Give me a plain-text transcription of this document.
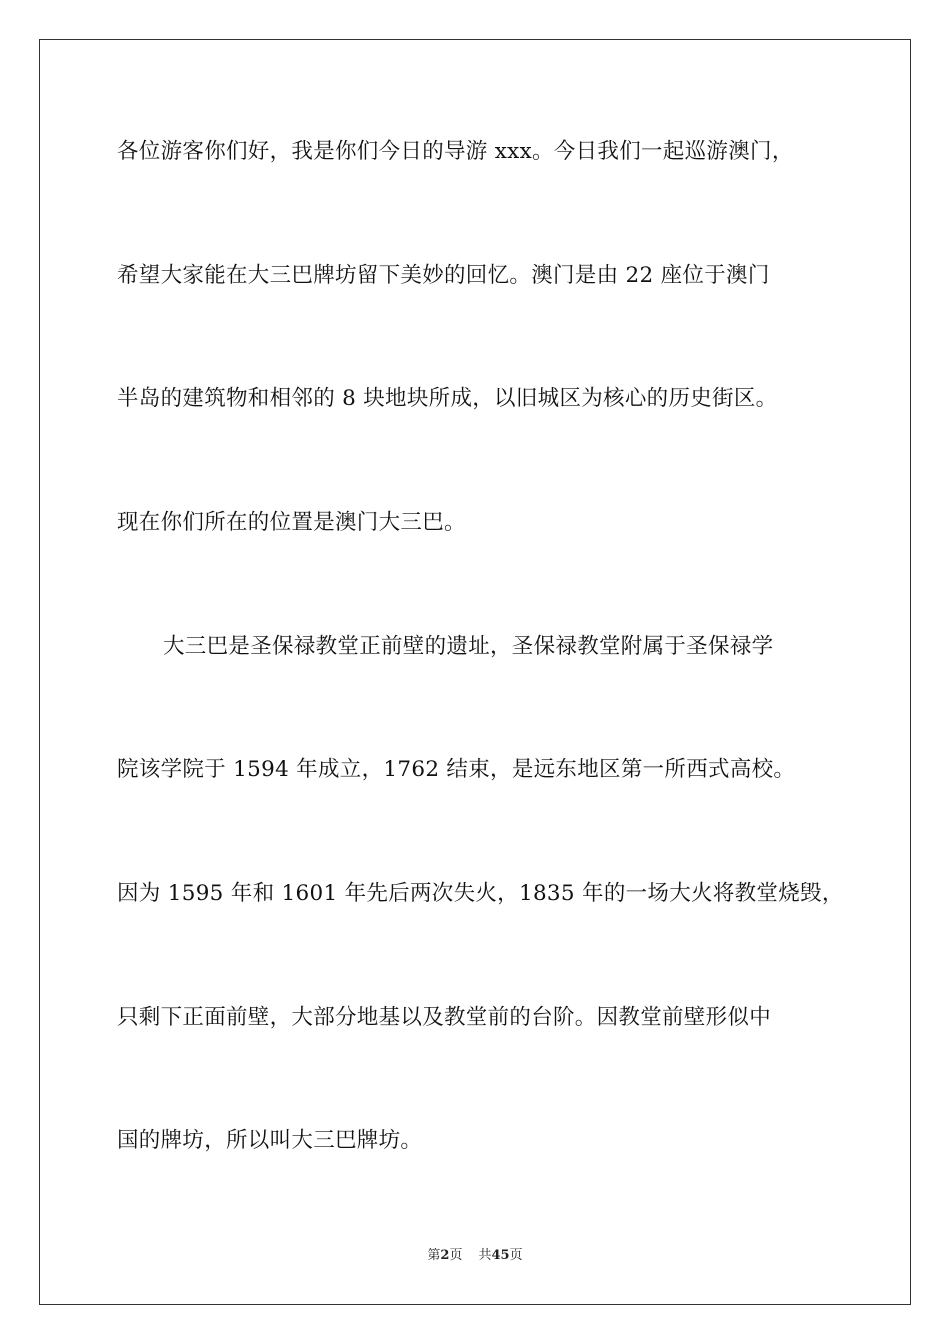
各位游客你们好，我是你们今日的导游 xxx。今日我们一起巡游澳门，
希望大家能在大三巴牌坊留下美妙的回忆。澳门是由 22 座位于澳门
半岛的建筑物和相邻的 8 块地块所成，以旧城区为核心的历史街区。
现在你们所在的位置是澳门大三巴。
大三巴是圣保禄教堂正前壁的遗址，圣保禄教堂附属于圣保禄学
院该学院于 1594 年成立，1762 结束，是远东地区第一所西式高校。
因为 1595 年和 1601 年先后两次失火，1835 年的一场大火将教堂烧毁，
只剩下正面前壁，大部分地基以及教堂前的台阶。因教堂前壁形似中
国的牌坊，所以叫大三巴牌坊。
第2页 共45页
